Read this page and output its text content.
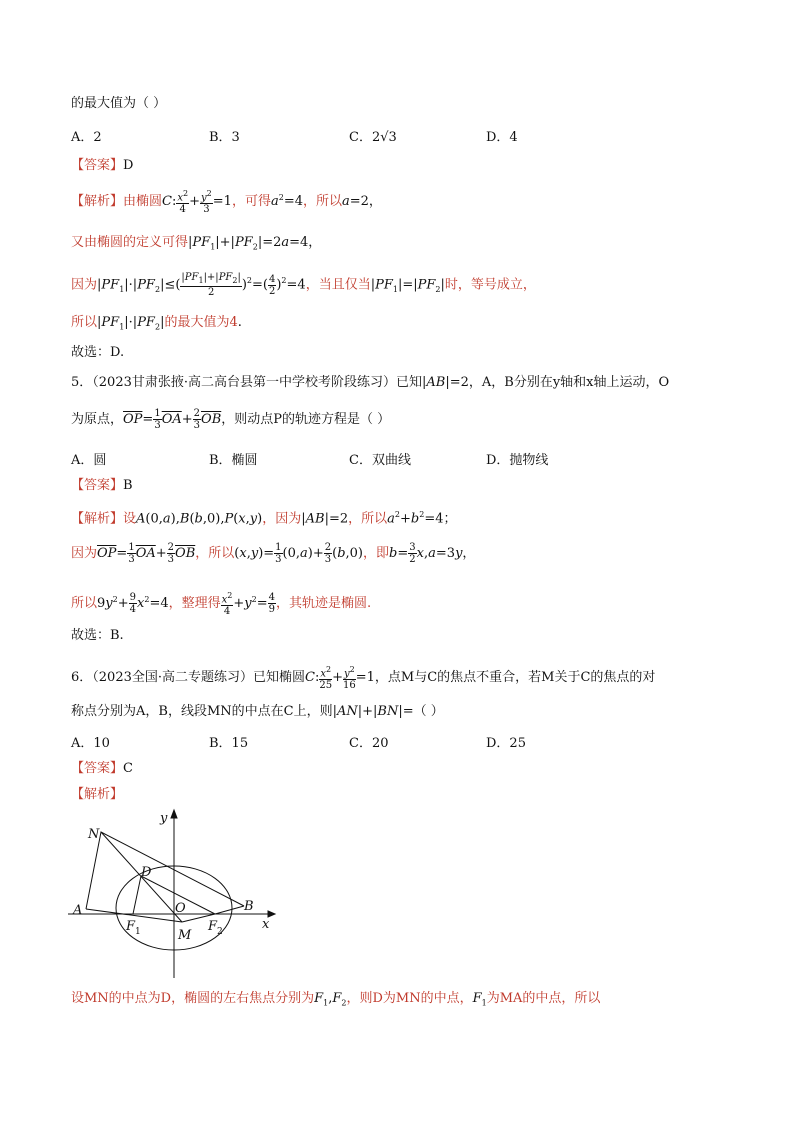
的最大值为（ ）
A．2	B．3	C．2√3	D．4
【答案】D
【解析】由椭圆C: $\frac{x^2}{4} + \frac{y^2}{3} =1$，可得$a^2=4$，所以a=2，
又由椭圆的定义可得$|PF_1|+|PF_2|=2a=4$，
因为$|PF_1|\cdot|PF_2|\le( \frac{|PF_1|+|PF_2|}{2} )^2=( \frac{4}{2} )^2=4$，当且仅当$|PF_1|=|PF_2|$时，等号成立，
所以$|PF_1|\cdot|PF_2|$的最大值为4.
故选：D.
5．（2023甘肃张掖·高二高台县第一中学校考阶段练习）已知|AB|=2，A，B分别在y轴和x轴上运动，O
为原点，$\overline{OP}= \frac{1}{3} \overline{OA}+ \frac{2}{3} \overline{OB}$，则动点P的轨迹方程是（ ）
A．圆	B．椭圆	C．双曲线	D．抛物线
【答案】B
【解析】设A(0,a),B(b,0),P(x,y)，因为|AB|=2，所以$a^2+b^2=4$；
因为$\overline{OP}= \frac{1}{3} \overline{OA}+ \frac{2}{3} \overline{OB}$，所以$(x,y)= \frac{1}{3} (0,a)+ \frac{2}{3} (b,0)$，即$b= \frac{3}{2} x,a=3y$，
所以$9y^2+ \frac{9}{4} x^2=4$，整理得 $\frac{x^2}{4} +y^2= \frac{4}{9}$ ，其轨迹是椭圆.
故选：B.
6．（2023全国·高二专题练习）已知椭圆C: $\frac{x^2}{25} + \frac{y^2}{16} =1$，点M与C的焦点不重合，若M关于C的焦点的对
称点分别为A，B，线段MN的中点在C上，则|AN|+|BN|=（ ）
A．10	B．15	C．20	D．25
【答案】C
【解析】
y
x
N
D
A	O	B
F 1	M
F 2
设MN的中点为D，椭圆的左右焦点分别为$F_1,F_2$，则D为MN的中点，$F_1$为MA的中点，所以
